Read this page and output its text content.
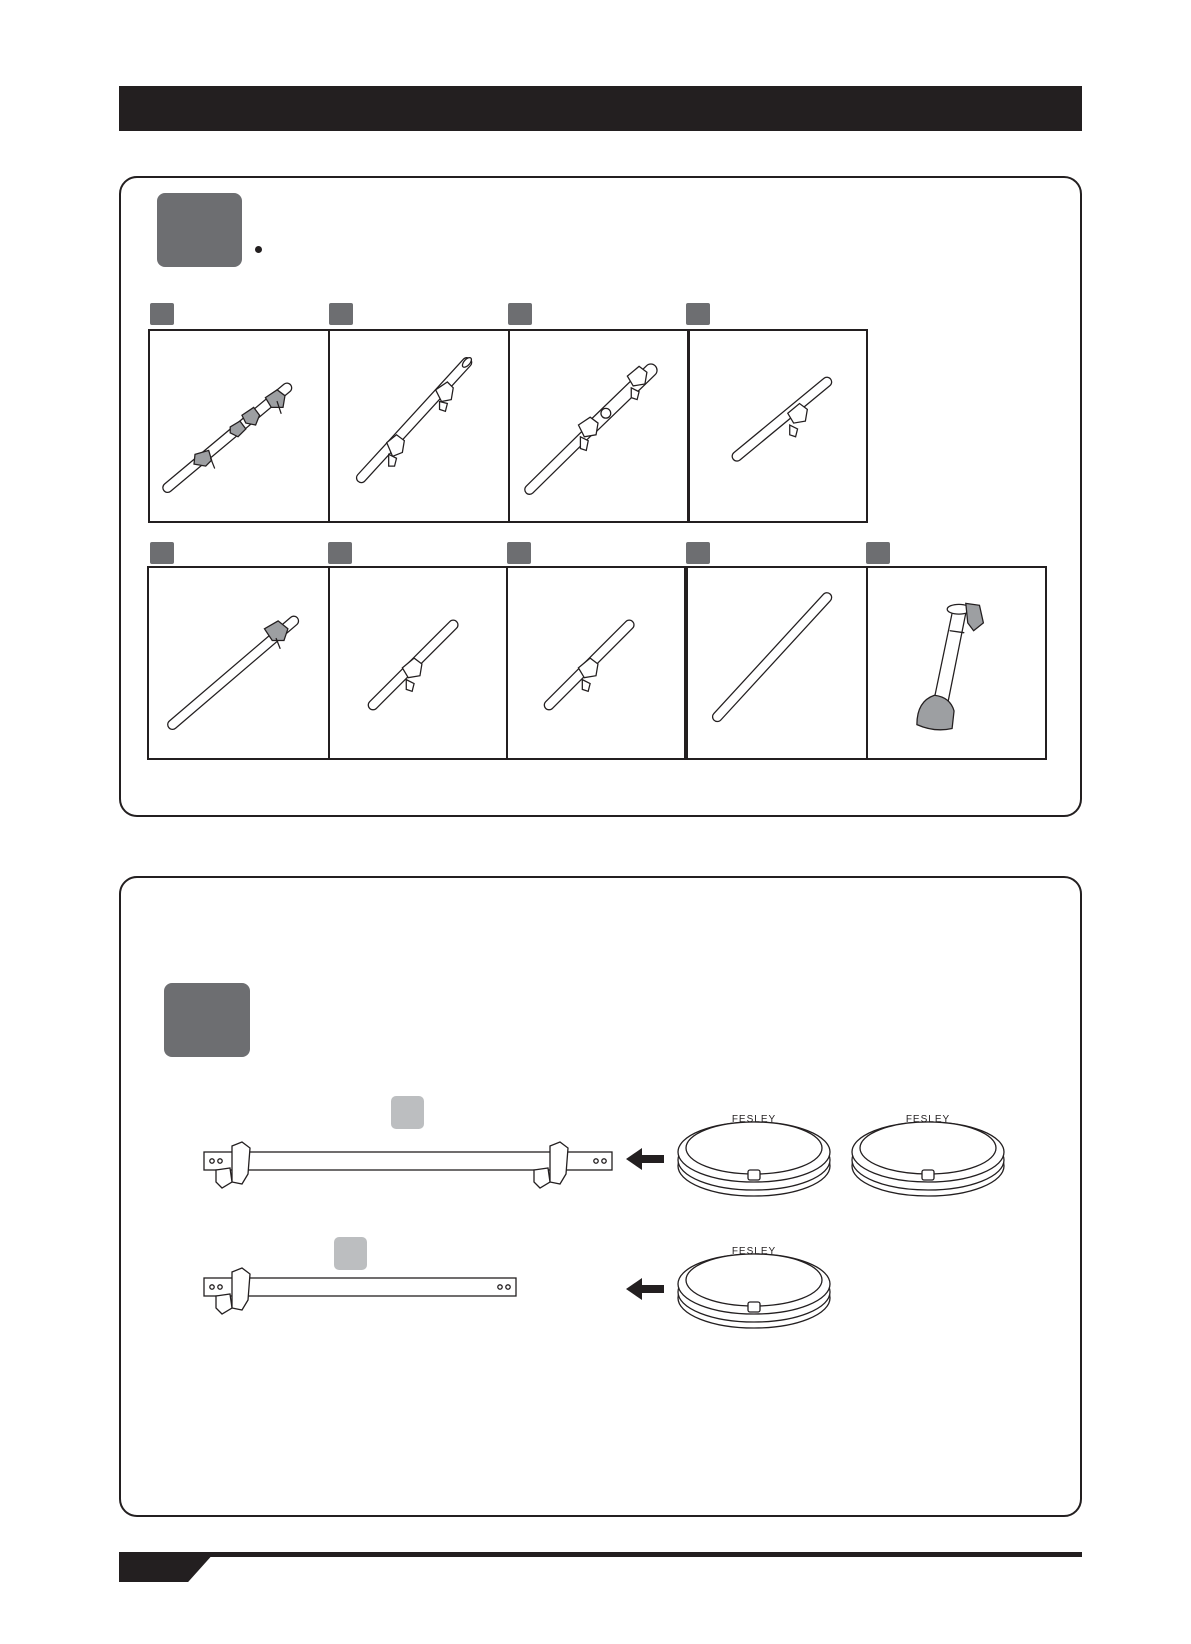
FESLEY	FESLEY
FESLEY
